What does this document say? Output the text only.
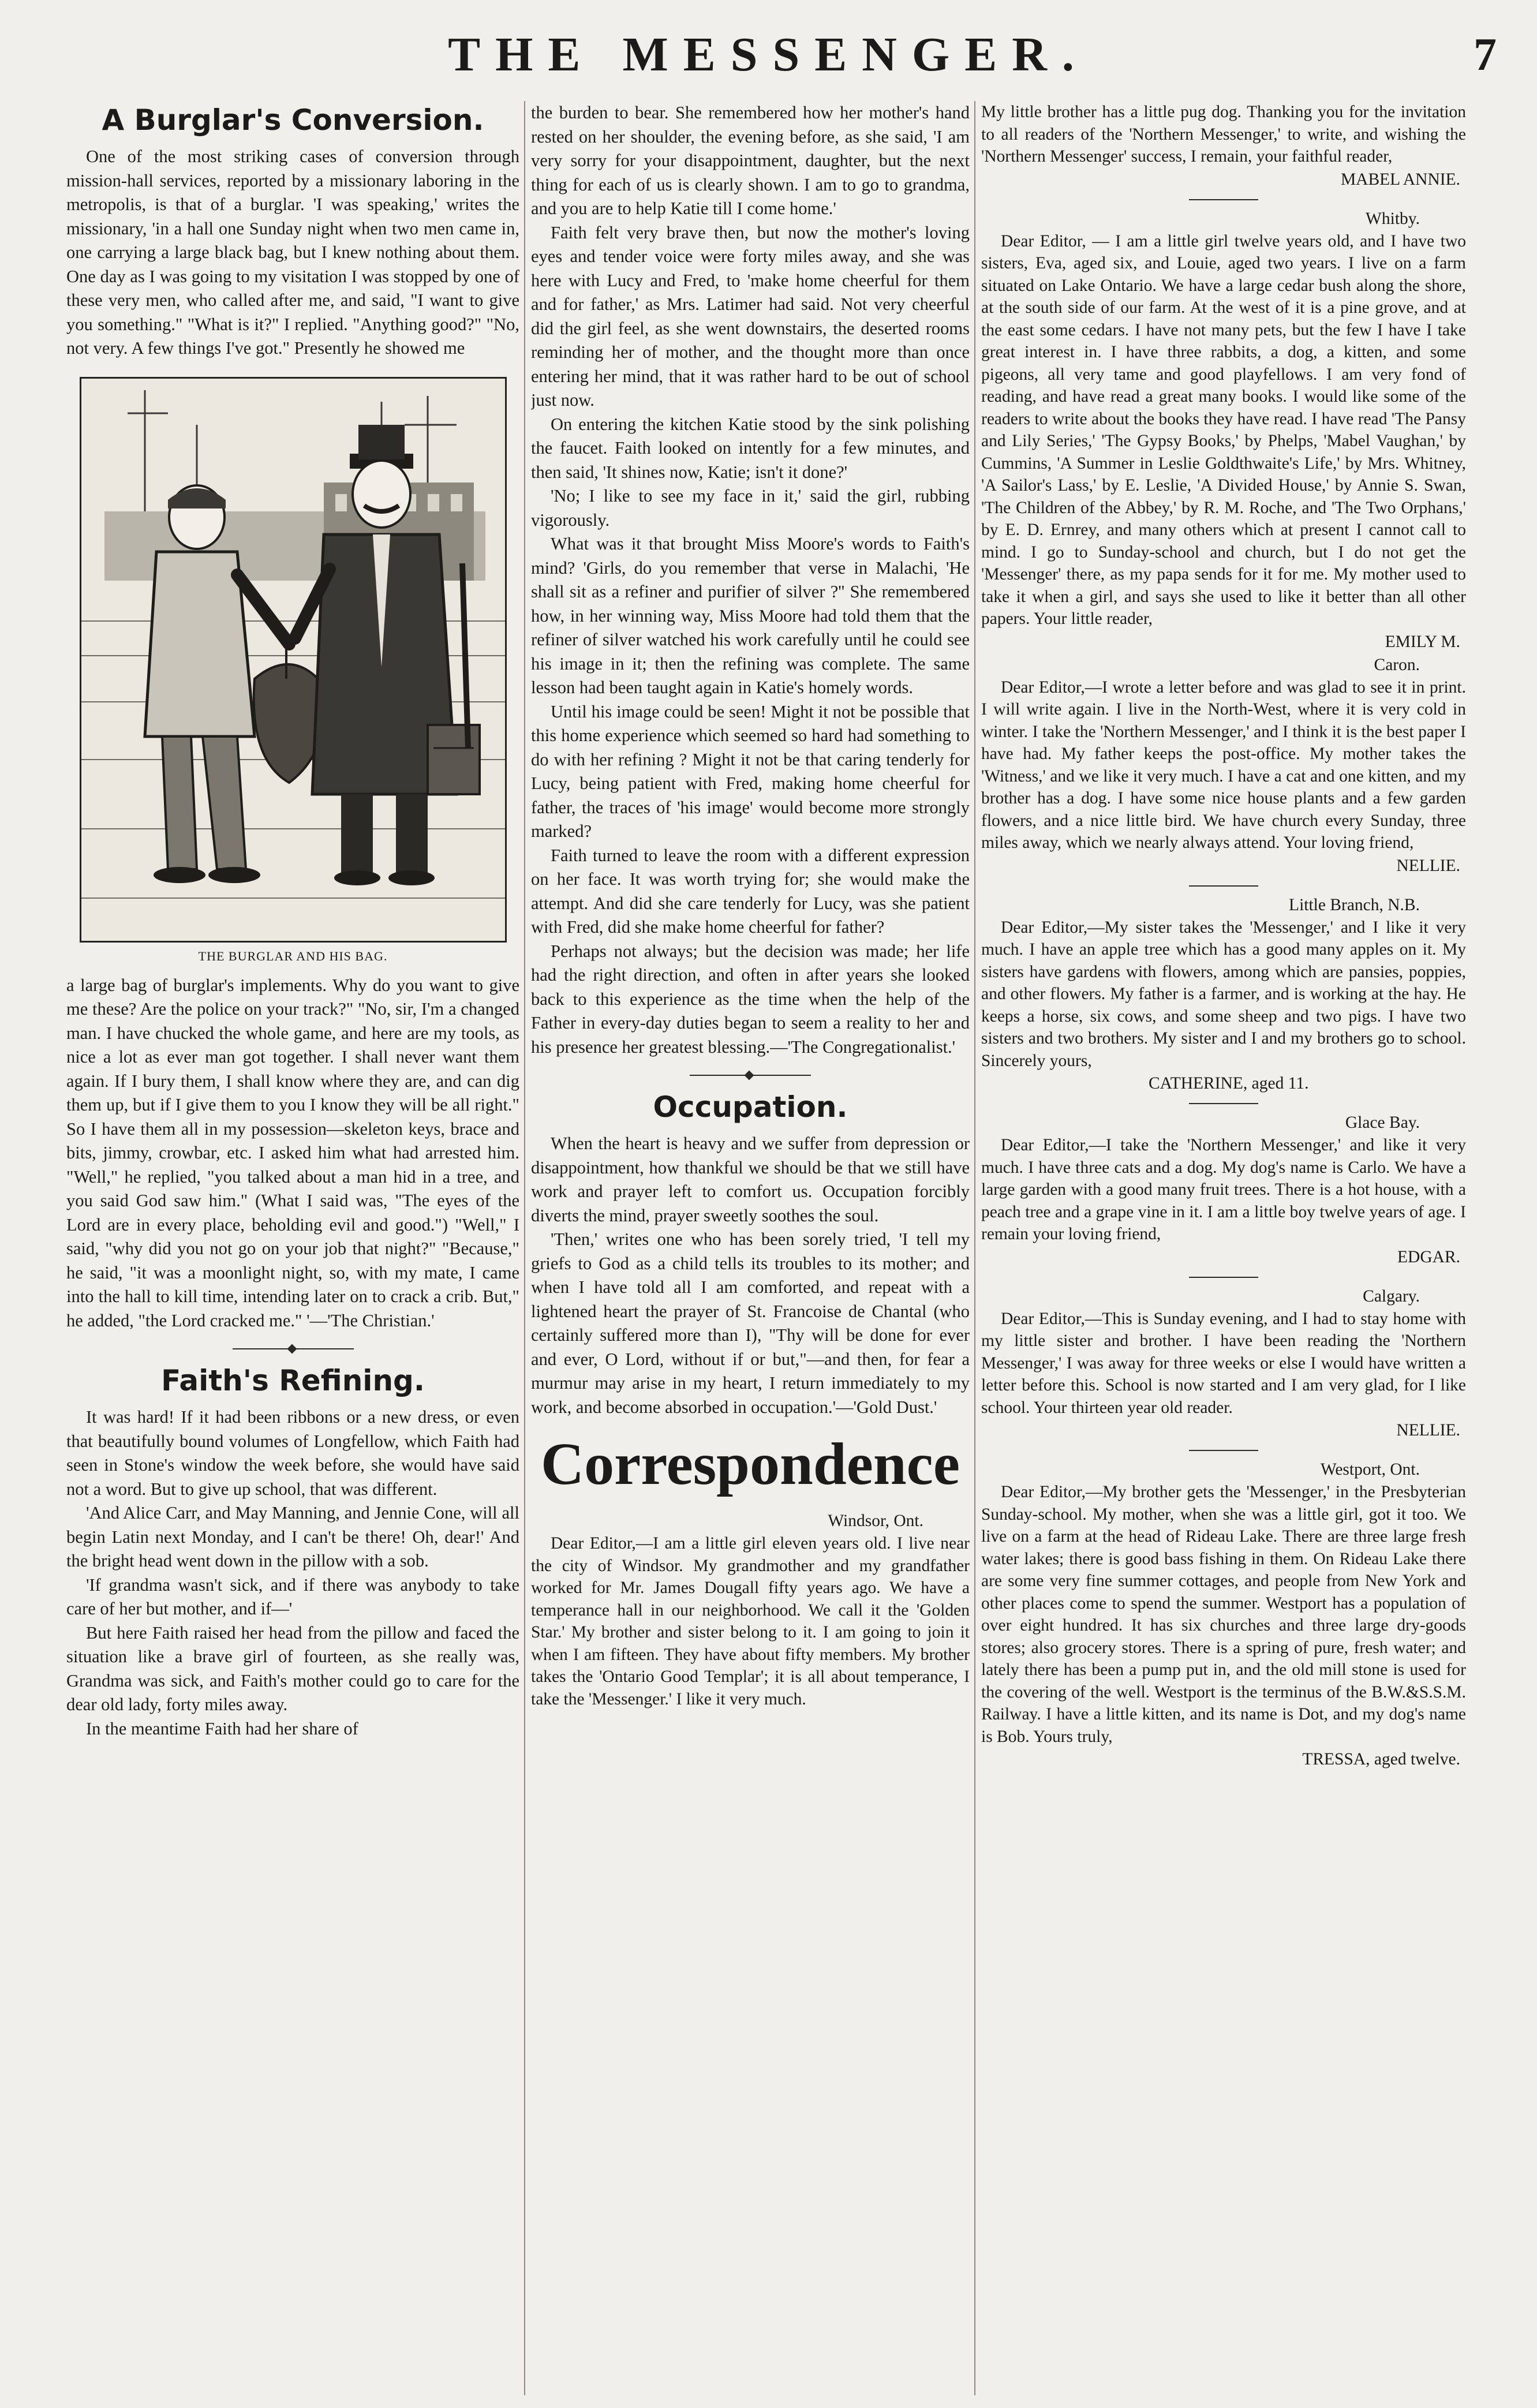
THE MESSENGER.	7
A Burglar's Conversion.

One of the most striking cases of conversion through mission-hall services, reported by a missionary laboring in the metropolis, is that of a burglar. 'I was speaking,' writes the missionary, 'in a hall one Sunday night when two men came in, one carrying a large black bag, but I knew nothing about them. One day as I was going to my visitation I was stopped by one of these very men, who called after me, and said, "I want to give you something." "What is it?" I replied. "Anything good?" "No, not very. A few things I've got." Presently he showed me

THE BURGLAR AND HIS BAG.

a large bag of burglar's implements. Why do you want to give me these? Are the police on your track?" "No, sir, I'm a changed man. I have chucked the whole game, and here are my tools, as nice a lot as ever man got together. I shall never want them again. If I bury them, I shall know where they are, and can dig them up, but if I give them to you I know they will be all right." So I have them all in my possession—skeleton keys, brace and bits, jimmy, crowbar, etc. I asked him what had arrested him. "Well," he replied, "you talked about a man hid in a tree, and you said God saw him." (What I said was, "The eyes of the Lord are in every place, beholding evil and good.") "Well," I said, "why did you not go on your job that night?" "Because," he said, "it was a moonlight night, so, with my mate, I came into the hall to kill time, intending later on to crack a crib. But," he added, "the Lord cracked me." '—'The Christian.'

Faith's Refining.

It was hard! If it had been ribbons or a new dress, or even that beautifully bound volumes of Longfellow, which Faith had seen in Stone's window the week before, she would have said not a word. But to give up school, that was different.

'And Alice Carr, and May Manning, and Jennie Cone, will all begin Latin next Monday, and I can't be there! Oh, dear!' And the bright head went down in the pillow with a sob.

'If grandma wasn't sick, and if there was anybody to take care of her but mother, and if—'

But here Faith raised her head from the pillow and faced the situation like a brave girl of fourteen, as she really was, Grandma was sick, and Faith's mother could go to care for the dear old lady, forty miles away.

In the meantime Faith had her share of

the burden to bear. She remembered how her mother's hand rested on her shoulder, the evening before, as she said, 'I am very sorry for your disappointment, daughter, but the next thing for each of us is clearly shown. I am to go to grandma, and you are to help Katie till I come home.'

Faith felt very brave then, but now the mother's loving eyes and tender voice were forty miles away, and she was here with Lucy and Fred, to 'make home cheerful for them and for father,' as Mrs. Latimer had said. Not very cheerful did the girl feel, as she went downstairs, the deserted rooms reminding her of mother, and the thought more than once entering her mind, that it was rather hard to be out of school just now.

On entering the kitchen Katie stood by the sink polishing the faucet. Faith looked on intently for a few minutes, and then said, 'It shines now, Katie; isn't it done?'

'No; I like to see my face in it,' said the girl, rubbing vigorously.

What was it that brought Miss Moore's words to Faith's mind? 'Girls, do you remember that verse in Malachi, 'He shall sit as a refiner and purifier of silver ?'' She remembered how, in her winning way, Miss Moore had told them that the refiner of silver watched his work carefully until he could see his image in it; then the refining was complete. The same lesson had been taught again in Katie's homely words.

Until his image could be seen! Might it not be possible that this home experience which seemed so hard had something to do with her refining ? Might it not be that caring tenderly for Lucy, being patient with Fred, making home cheerful for father, the traces of 'his image' would become more strongly marked?

Faith turned to leave the room with a different expression on her face. It was worth trying for; she would make the attempt. And did she care tenderly for Lucy, was she patient with Fred, did she make home cheerful for father?

Perhaps not always; but the decision was made; her life had the right direction, and often in after years she looked back to this experience as the time when the help of the Father in every-day duties began to seem a reality to her and his presence her greatest blessing.—'The Congregationalist.'

Occupation.

When the heart is heavy and we suffer from depression or disappointment, how thankful we should be that we still have work and prayer left to comfort us. Occupation forcibly diverts the mind, prayer sweetly soothes the soul.

'Then,' writes one who has been sorely tried, 'I tell my griefs to God as a child tells its troubles to its mother; and when I have told all I am comforted, and repeat with a lightened heart the prayer of St. Francoise de Chantal (who certainly suffered more than I), "Thy will be done for ever and ever, O Lord, without if or but,"—and then, for fear a murmur may arise in my heart, I return immediately to my work, and become absorbed in occupation.'—'Gold Dust.'

Correspondence
Windsor, Ont.

Dear Editor,—I am a little girl eleven years old. I live near the city of Windsor. My grandmother and my grandfather worked for Mr. James Dougall fifty years ago. We have a temperance hall in our neighborhood. We call it the 'Golden Star.' My brother and sister belong to it. I am going to join it when I am fifteen. They have about fifty members. My brother takes the 'Ontario Good Templar'; it is all about temperance, I take the 'Messenger.' I like it very much.

My little brother has a little pug dog. Thanking you for the invitation to all readers of the 'Northern Messenger,' to write, and wishing the 'Northern Messenger' success, I remain, your faithful reader,

MABEL ANNIE.
Whitby.

Dear Editor, — I am a little girl twelve years old, and I have two sisters, Eva, aged six, and Louie, aged two years. I live on a farm situated on Lake Ontario. We have a large cedar bush along the shore, at the south side of our farm. At the west of it is a pine grove, and at the east some cedars. I have not many pets, but the few I have I take great interest in. I have three rabbits, a dog, a kitten, and some pigeons, all very tame and good playfellows. I am very fond of reading, and have read a great many books. I would like some of the readers to write about the books they have read. I have read 'The Pansy and Lily Series,' 'The Gypsy Books,' by Phelps, 'Mabel Vaughan,' by Cummins, 'A Summer in Leslie Goldthwaite's Life,' by Mrs. Whitney, 'A Sailor's Lass,' by E. Leslie, 'A Divided House,' by Annie S. Swan, 'The Children of the Abbey,' by R. M. Roche, and 'The Two Orphans,' by E. D. Ernrey, and many others which at present I cannot call to mind. I go to Sunday-school and church, but I do not get the 'Messenger' there, as my papa sends for it for me. My mother used to take it when a girl, and says she used to like it better than all other papers. Your little reader,

EMILY M.
Caron.

Dear Editor,—I wrote a letter before and was glad to see it in print. I will write again. I live in the North-West, where it is very cold in winter. I take the 'Northern Messenger,' and I think it is the best paper I have had. My father keeps the post-office. My mother takes the 'Witness,' and we like it very much. I have a cat and one kitten, and my brother has a dog. I have some nice house plants and a few garden flowers, and a nice little bird. We have church every Sunday, three miles away, which we nearly always attend. Your loving friend,

NELLIE.
Little Branch, N.B.

Dear Editor,—My sister takes the 'Messenger,' and I like it very much. I have an apple tree which has a good many apples on it. My sisters have gardens with flowers, among which are pansies, poppies, and other flowers. My father is a farmer, and is working at the hay. He keeps a horse, six cows, and some sheep and two pigs. I have two sisters and two brothers. My sister and I and my brothers go to school. Sincerely yours,

CATHERINE, aged 11.
Glace Bay.

Dear Editor,—I take the 'Northern Messenger,' and like it very much. I have three cats and a dog. My dog's name is Carlo. We have a large garden with a good many fruit trees. There is a hot house, with a peach tree and a grape vine in it. I am a little boy twelve years of age. I remain your loving friend,

EDGAR.
Calgary.

Dear Editor,—This is Sunday evening, and I had to stay home with my little sister and brother. I have been reading the 'Northern Messenger,' I was away for three weeks or else I would have written a letter before this. School is now started and I am very glad, for I like school. Your thirteen year old reader.

NELLIE.
Westport, Ont.

Dear Editor,—My brother gets the 'Messenger,' in the Presbyterian Sunday-school. My mother, when she was a little girl, got it too. We live on a farm at the head of Rideau Lake. There are three large fresh water lakes; there is good bass fishing in them. On Rideau Lake there are some very fine summer cottages, and people from New York and other places come to spend the summer. Westport has a population of over eight hundred. It has six churches and three large dry-goods stores; also grocery stores. There is a spring of pure, fresh water; and lately there has been a pump put in, and the old mill stone is used for the covering of the well. Westport is the terminus of the B.W.&S.S.M. Railway. I have a little kitten, and its name is Dot, and my dog's name is Bob. Yours truly,

TRESSA, aged twelve.
